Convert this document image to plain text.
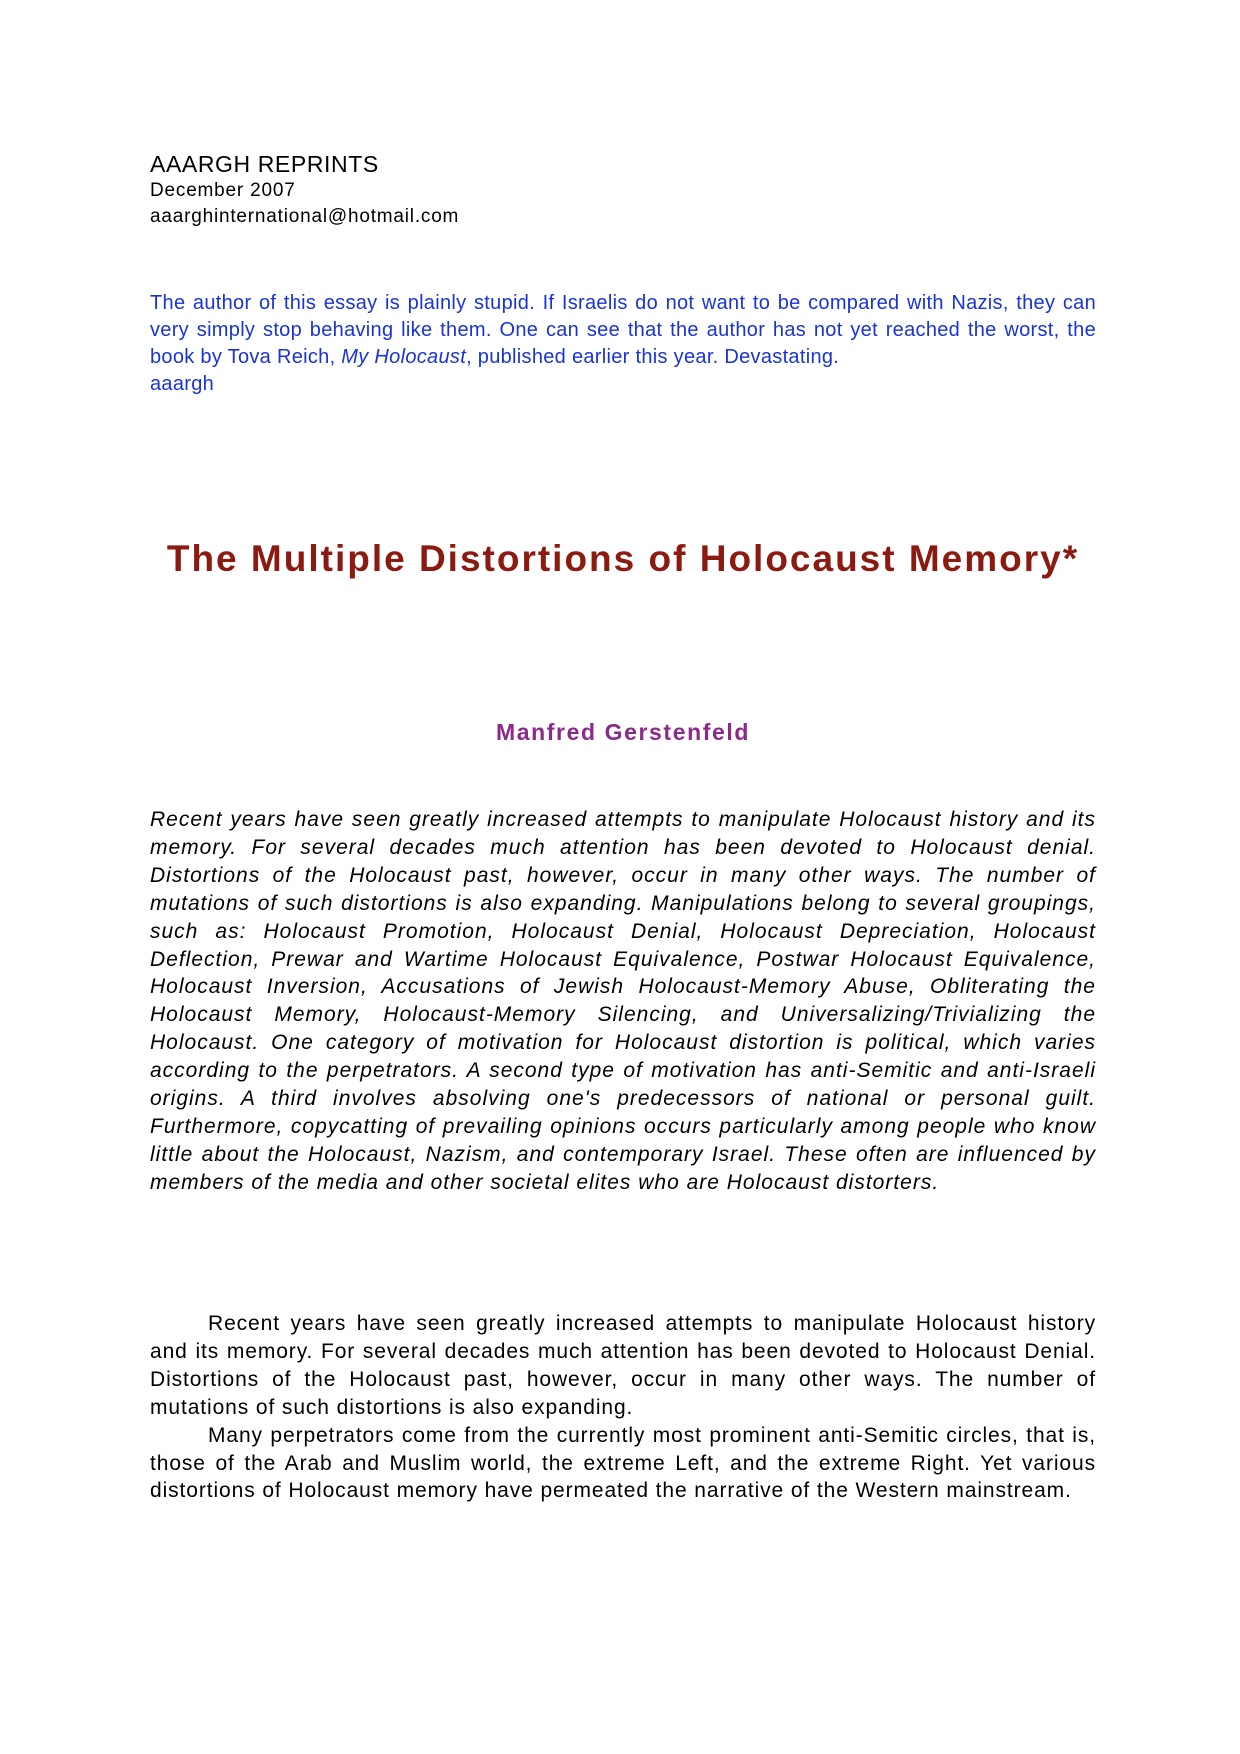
AAARGH REPRINTS

December 2007

aaarghinternational@hotmail.com

The author of this essay is plainly stupid. If Israelis do not want to be compared with Nazis, they can very simply stop behaving like them. One can see that the author has not yet reached the worst, the book by Tova Reich, My Holocaust, published earlier this year. Devastating.

aaargh

The Multiple Distortions of Holocaust Memory*

Manfred Gerstenfeld

Recent years have seen greatly increased attempts to manipulate Holocaust history and its memory. For several decades much attention has been devoted to Holocaust denial. Distortions of the Holocaust past, however, occur in many other ways. The number of mutations of such distortions is also expanding. Manipulations belong to several groupings, such as: Holocaust Promotion, Holocaust Denial, Holocaust Depreciation, Holocaust Deflection, Prewar and Wartime Holocaust Equivalence, Postwar Holocaust Equivalence, Holocaust Inversion, Accusations of Jewish Holocaust-Memory Abuse, Obliterating the Holocaust Memory, Holocaust-Memory Silencing, and Universalizing/Trivializing the Holocaust. One category of motivation for Holocaust distortion is political, which varies according to the perpetrators. A second type of motivation has anti-Semitic and anti-Israeli origins. A third involves absolving one's predecessors of national or personal guilt. Furthermore, copycatting of prevailing opinions occurs particularly among people who know little about the Holocaust, Nazism, and contemporary Israel. These often are influenced by members of the media and other societal elites who are Holocaust distorters.

Recent years have seen greatly increased attempts to manipulate Holocaust history and its memory. For several decades much attention has been devoted to Holocaust Denial. Distortions of the Holocaust past, however, occur in many other ways. The number of mutations of such distortions is also expanding.

Many perpetrators come from the currently most prominent anti-Semitic circles, that is, those of the Arab and Muslim world, the extreme Left, and the extreme Right. Yet various distortions of Holocaust memory have permeated the narrative of the Western mainstream.
